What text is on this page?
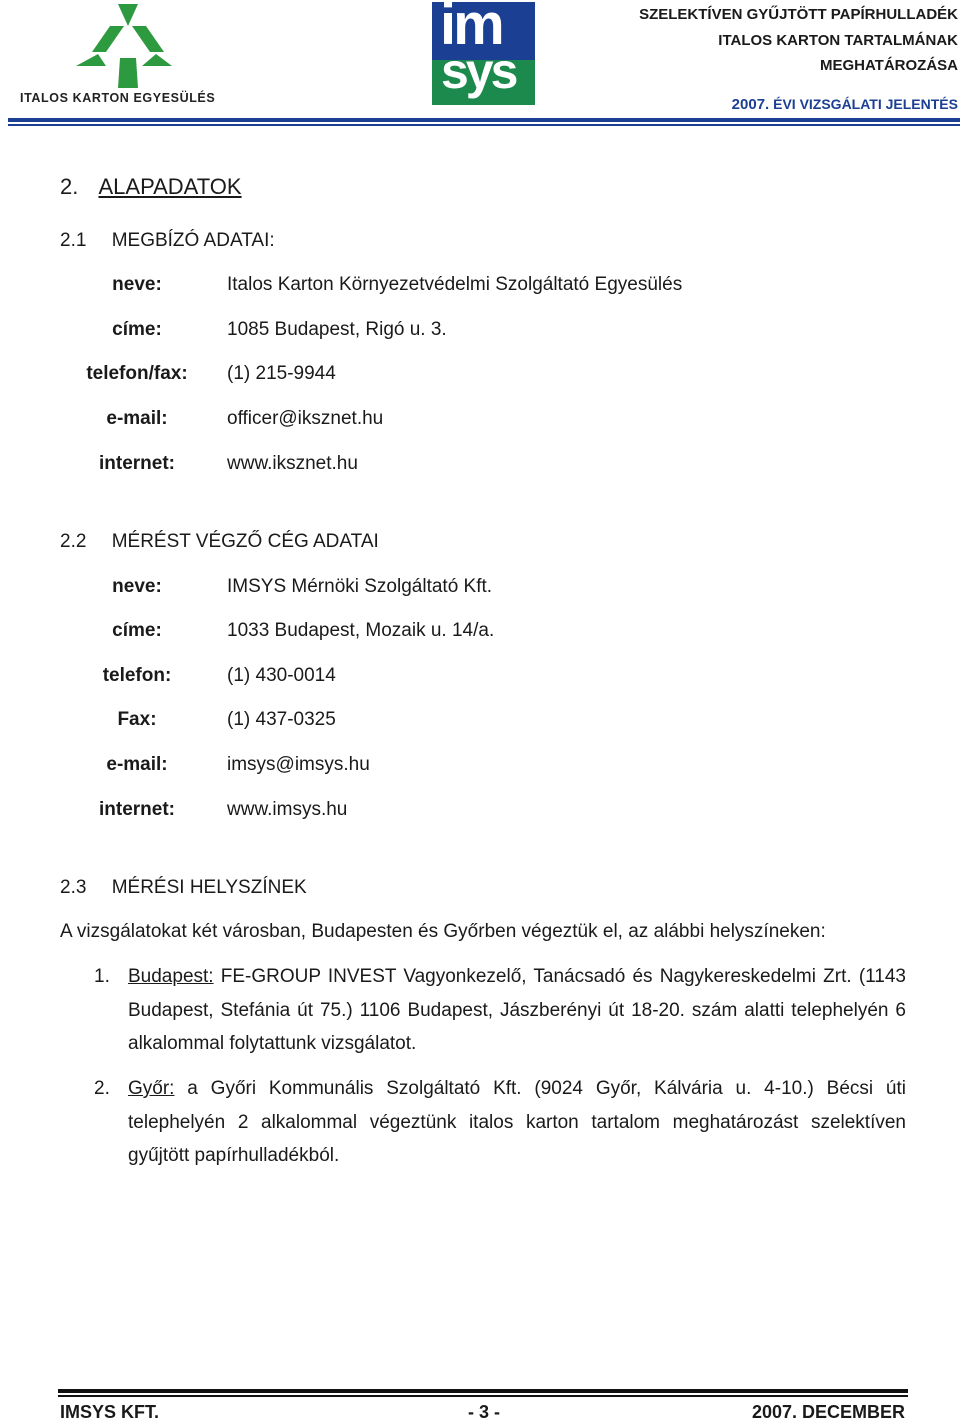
ITALOS KARTON EGYESÜLÉS
im
sys
SZELEKTÍVEN GYŰJTÖTT PAPÍRHULLADÉK
ITALOS KARTON TARTALMÁNAK
MEGHATÁROZÁSA
2007. ÉVI VIZSGÁLATI JELENTÉS
2. ALAPADATOK
2.1 MEGBÍZÓ ADATAI:
neve:	Italos Karton Környezetvédelmi Szolgáltató Egyesülés
címe:	1085 Budapest, Rigó u. 3.
telefon/fax:	(1) 215-9944
e-mail:	officer@iksznet.hu
internet:	www.iksznet.hu
2.2 MÉRÉST VÉGZŐ CÉG ADATAI
neve:	IMSYS Mérnöki Szolgáltató Kft.
címe:	1033 Budapest, Mozaik u. 14/a.
telefon:	(1) 430-0014
Fax:	(1) 437-0325
e-mail:	imsys@imsys.hu
internet:	www.imsys.hu
2.3 MÉRÉSI HELYSZÍNEK
A vizsgálatokat két városban, Budapesten és Győrben végeztük el, az alábbi helyszíneken:
1. Budapest: FE-GROUP INVEST Vagyonkezelő, Tanácsadó és Nagykereskedelmi Zrt. (1143 Budapest, Stefánia út 75.) 1106 Budapest, Jászberényi út 18-20. szám alatti telephelyén 6 alkalommal folytattunk vizsgálatot.
2. Győr: a Győri Kommunális Szolgáltató Kft. (9024 Győr, Kálvária u. 4-10.) Bécsi úti telephelyén 2 alkalommal végeztünk italos karton tartalom meghatározást szelektíven gyűjtött papírhulladékból.
IMSYS KFT.	- 3 -	2007. DECEMBER
